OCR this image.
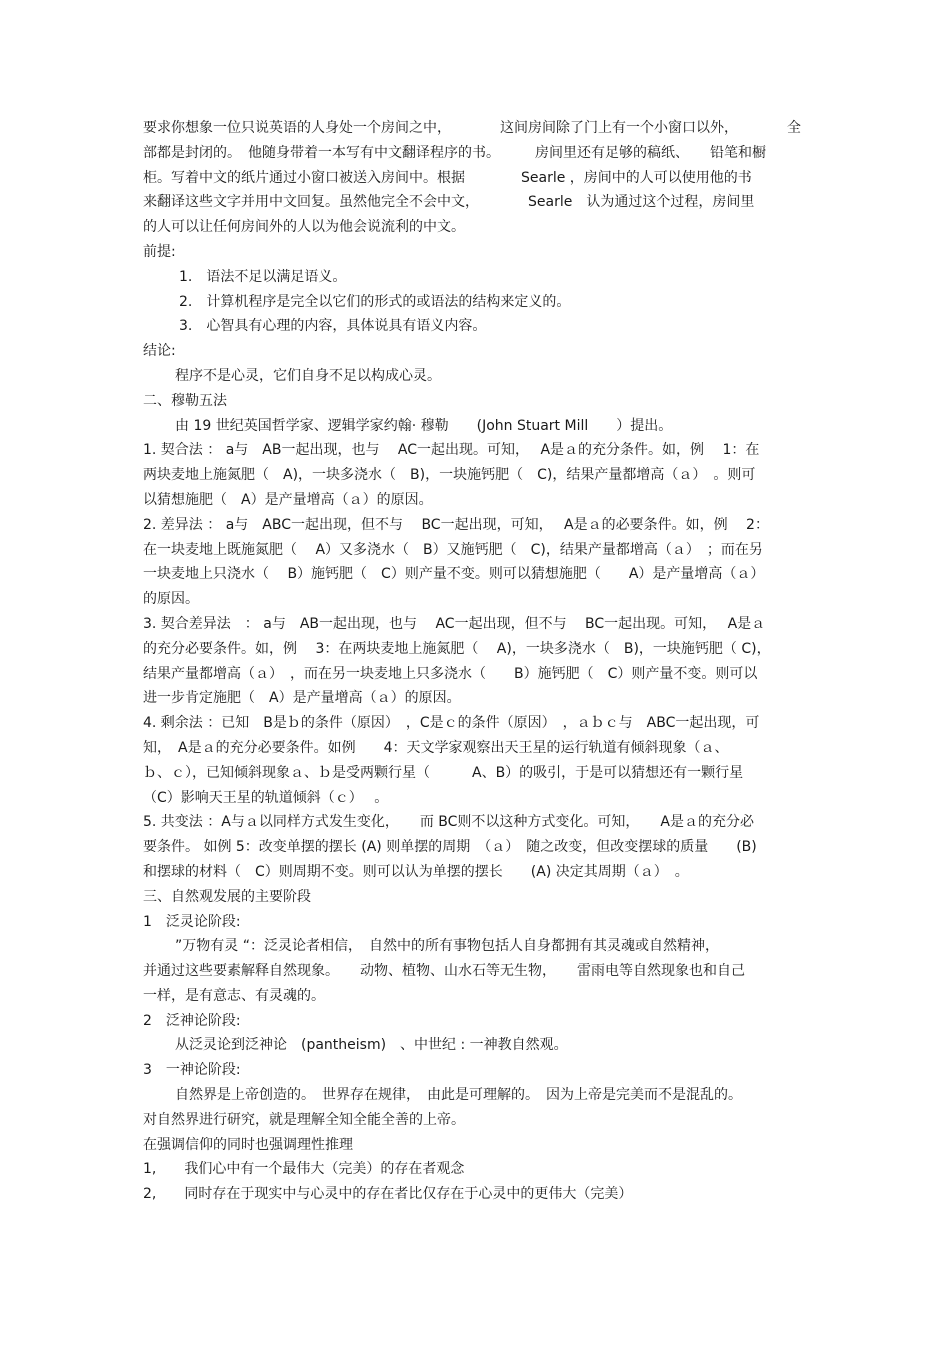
要求你想象一位只说英语的人身处一个房间之中，　　　　这间房间除了门上有一个小窗口以外，　　　　全

部都是封闭的。　他随身带着一本写有中文翻译程序的书。　　　房间里还有足够的稿纸、　　铅笔和橱

柜。写着中文的纸片通过小窗口被送入房间中。根据　　　　Searle ，房间中的人可以使用他的书

来翻译这些文字并用中文回复。虽然他完全不会中文，　　　　Searle　认为通过这个过程，房间里

的人可以让任何房间外的人以为他会说流利的中文。

前提:

1.　语法不足以满足语义。

2.　计算机程序是完全以它们的形式的或语法的结构来定义的。

3.　心智具有心理的内容，具体说具有语义内容。

结论:

程序不是心灵，它们自身不足以构成心灵。

二、穆勒五法

由 19 世纪英国哲学家、逻辑学家约翰· 穆勒　　(John Stuart Mill　　）提出。

1. 契合法 ： a与　AB一起出现，也与　 AC一起出现。可知，　 A是ａ的充分条件。如，例　 1：在

两块麦地上施氮肥（　A)，一块多浇水（　B)，一块施钙肥（　C)，结果产量都增高（ａ）　。则可

以猜想施肥（　A）是产量增高（ａ）的原因。

2. 差异法 ： a与　ABC一起出现，但不与　 BC一起出现，可知，　 A是ａ的必要条件。如，例　 2：

在一块麦地上既施氮肥（　 A）又多浇水（　B）又施钙肥（　C)，结果产量都增高（ａ）　；而在另

一块麦地上只浇水（　 B）施钙肥（　C）则产量不变。则可以猜想施肥（　　A）是产量增高（ａ）

的原因。

3. 契合差异法　： a与　AB一起出现，也与　 AC一起出现，但不与　 BC一起出现。可知，　 A是ａ

的充分必要条件。如，例　 3：在两块麦地上施氮肥（　 A)，一块多浇水（　B)，一块施钙肥（ C)，

结果产量都增高（ａ）　，而在另一块麦地上只多浇水（　　B）施钙肥（　C）则产量不变。则可以

进一步肯定施肥（　A）是产量增高（ａ）的原因。

4. 剩余法 ：已知　B是ｂ的条件（原因）　，C是ｃ的条件（原因）　，ａｂｃ与　ABC一起出现，可

知，　A是ａ的充分必要条件。如例　　4：天文学家观察出天王星的运行轨道有倾斜现象（ａ、

ｂ、ｃ），已知倾斜现象ａ、ｂ是受两颗行星（　　　A、B）的吸引，于是可以猜想还有一颗行星

（C）影响天王星的轨道倾斜（ｃ）　 。

5. 共变法 ：A与ａ以同样方式发生变化，　　而 BC则不以这种方式变化。可知，　　A是ａ的充分必

要条件。 如例 5：改变单摆的摆长 (A) 则单摆的周期　（ａ）　随之改变，但改变摆球的质量　　(B)

和摆球的材料（　C）则周期不变。则可以认为单摆的摆长　　(A) 决定其周期（ａ）　。

三、自然观发展的主要阶段

1　泛灵论阶段:

”万物有灵 “：泛灵论者相信，　自然中的所有事物包括人自身都拥有其灵魂或自然精神，

并通过这些要素解释自然现象。　　动物、植物、山水石等无生物，　　雷雨电等自然现象也和自己

一样，是有意志、有灵魂的。

2　泛神论阶段:

从泛灵论到泛神论　(pantheism)　、中世纪 : 一神教自然观。

3　一神论阶段:

自然界是上帝创造的。　世界存在规律，　由此是可理解的。　因为上帝是完美而不是混乱的。

对自然界进行研究，就是理解全知全能全善的上帝。

在强调信仰的同时也强调理性推理

1,　　我们心中有一个最伟大（完美）的存在者观念

2,　　同时存在于现实中与心灵中的存在者比仅存在于心灵中的更伟大（完美）
